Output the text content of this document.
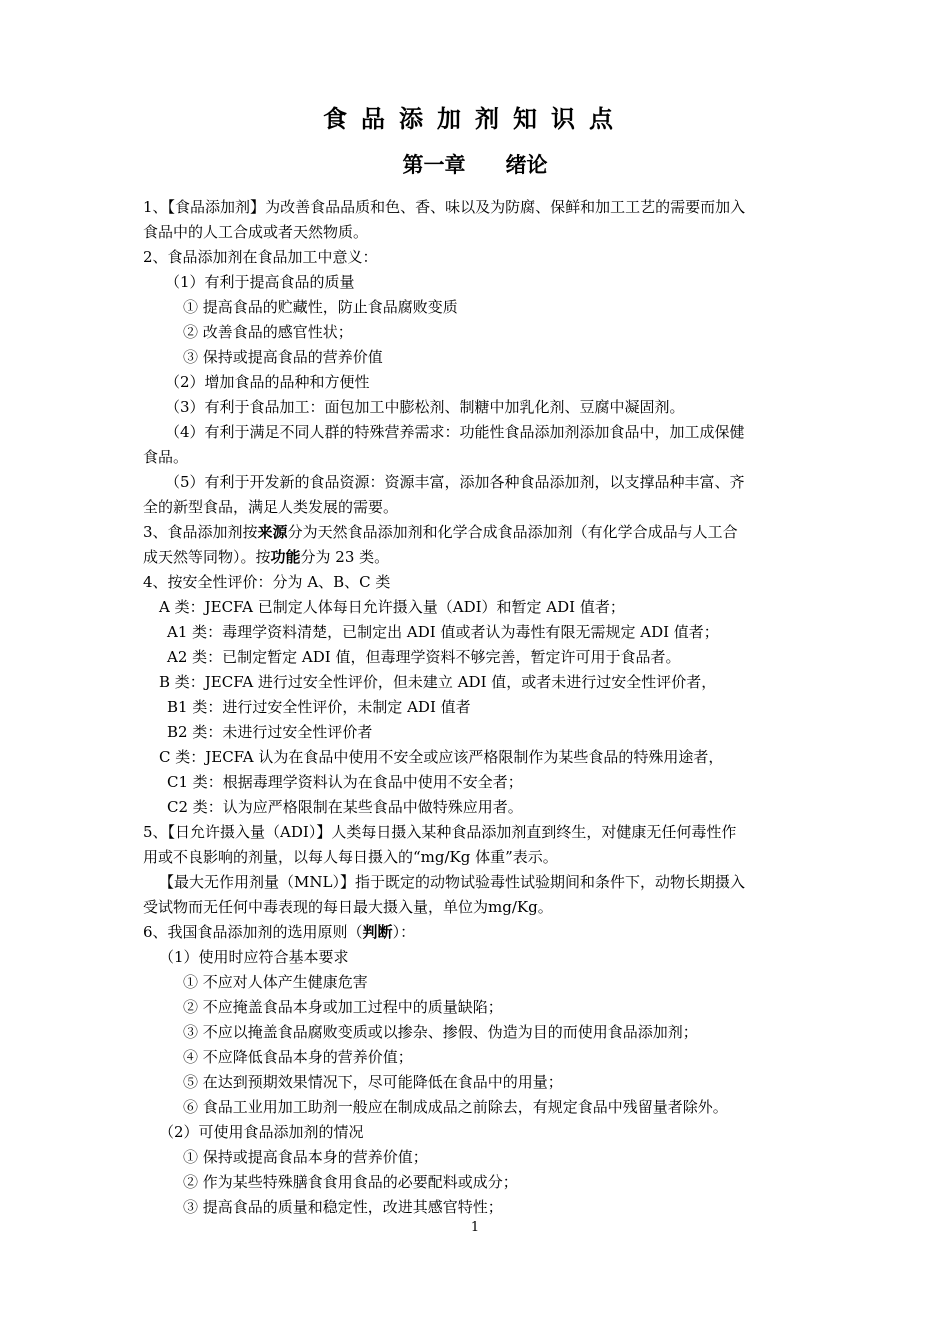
食品添加剂知识点
第一章 绪论
1、【食品添加剂】为改善食品品质和色、香、味以及为防腐、保鲜和加工工艺的需要而加入
食品中的人工合成或者天然物质。
2、食品添加剂在食品加工中意义：
（1）有利于提高食品的质量
① 提高食品的贮藏性，防止食品腐败变质
② 改善食品的感官性状；
③ 保持或提高食品的营养价值
（2）增加食品的品种和方便性
（3）有利于食品加工：面包加工中膨松剂、制糖中加乳化剂、豆腐中凝固剂。
（4）有利于满足不同人群的特殊营养需求：功能性食品添加剂添加食品中，加工成保健
食品。
（5）有利于开发新的食品资源：资源丰富，添加各种食品添加剂，以支撑品种丰富、齐
全的新型食品，满足人类发展的需要。
3、食品添加剂按来源分为天然食品添加剂和化学合成食品添加剂（有化学合成品与人工合
成天然等同物）。按功能分为 23 类。
4、按安全性评价：分为 A、B、C 类
A 类：JECFA 已制定人体每日允许摄入量（ADI）和暂定 ADI 值者；
A1 类：毒理学资料清楚，已制定出 ADI 值或者认为毒性有限无需规定 ADI 值者；
A2 类：已制定暂定 ADI 值，但毒理学资料不够完善，暂定许可用于食品者。
B 类：JECFA 进行过安全性评价，但未建立 ADI 值，或者未进行过安全性评价者，
B1 类：进行过安全性评价，未制定 ADI 值者
B2 类：未进行过安全性评价者
C 类：JECFA 认为在食品中使用不安全或应该严格限制作为某些食品的特殊用途者，
C1 类：根据毒理学资料认为在食品中使用不安全者；
C2 类：认为应严格限制在某些食品中做特殊应用者。
5、【日允许摄入量（ADI）】人类每日摄入某种食品添加剂直到终生，对健康无任何毒性作
用或不良影响的剂量，以每人每日摄入的“mg/Kg 体重”表示。
【最大无作用剂量（MNL）】指于既定的动物试验毒性试验期间和条件下，动物长期摄入
受试物而无任何中毒表现的每日最大摄入量，单位为mg/Kg。
6、我国食品添加剂的选用原则（判断）：
（1）使用时应符合基本要求
① 不应对人体产生健康危害
② 不应掩盖食品本身或加工过程中的质量缺陷；
③ 不应以掩盖食品腐败变质或以掺杂、掺假、伪造为目的而使用食品添加剂；
④ 不应降低食品本身的营养价值；
⑤ 在达到预期效果情况下，尽可能降低在食品中的用量；
⑥ 食品工业用加工助剂一般应在制成成品之前除去，有规定食品中残留量者除外。
（2）可使用食品添加剂的情况
① 保持或提高食品本身的营养价值；
② 作为某些特殊膳食食用食品的必要配料或成分；
③ 提高食品的质量和稳定性，改进其感官特性；
1
